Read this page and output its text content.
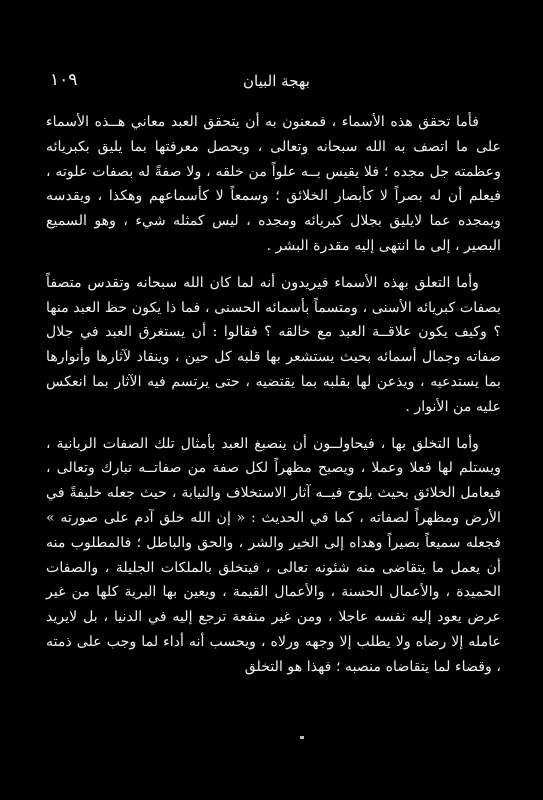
١٠٩	بهجة البيان

فأما تحقق هذه الأسماء ، فمعنون به أن يتحقق العبد معاني هــذه الأسماء على ما اتصف به الله سبحانه وتعالى ، ويحصل معرفتها بما يليق بكبريائه وعظمته جل مجده ؛ فلا يقيس بــه علواً من خلقه ، ولا صفةً له بصفات علوته ، فيعلم أن له بصراً لا كأبصار الخلائق ؛ وسمعاً لا كأسماعهم وهكذا ، ويقدسه ويمجده عما لايليق بجلال كبريائه ومجده ، ليس كمثله شيء ، وهو السميع البصير ، إلى ما انتهى إليه مقدرة البشر .

وأما التعلق بهذه الأسماء فيريدون أنه لما كان الله سبحانه وتقدس متصفاً بصفات كبريائه الأسنى ، ومتسماً بأسمائه الحسنى ، فما ذا يكون حظ العبد منها ؟ وكيف يكون علاقــة العبد مع خالقه ؟ فقالوا : أن يستغرق العبد في جلال صفاته وجمال أسمائه بحيث يستشعر بها قلبه كل حين ، وينقاد لآثارها وأنوارها بما يستدعيه ، ويذعن لها بقلبه بما يقتضيه ، حتى يرتسم فيه الآثار بما انعكس عليه من الأنوار .

وأما التخلق بها ، فيحاولــون أن ينصبغ العبد بأمثال تلك الصفات الربانية ، ويستلم لها فعلا وعملا ، ويصبح مظهراً لكل صفة من صفاتــه تبارك وتعالى ، فيعامل الخلائق بحيث يلوح فيــه آثار الاستخلاف والنيابة ، حيث جعله خليفةً في الأرض ومظهراً لصفاته ، كما في الحديث : « إن الله خلق آدم على صورته » فجعله سميعاً بصيراً وهداه إلى الخير والشر ، والحق والباطل ؛ فالمطلوب منه أن يعمل ما يتقاضى منه شئونه تعالى ، فيتخلق بالملكات الجليلة ، والصفات الحميدة ، والأعمال الحسنة ، والأعمال القيمة ، ويعين بها البرية كلها من غير عرض يعود إليه نفسه عاجلا ، ومن غير منفعة ترجع إليه في الدنيا ، بل لايريد عامله إلا رضاه ولا يطلب إلا وجهه ورلاه ، ويحسب أنه أداء لما وجب على ذمته ، وقضاء لما يتقاضاه منصبه ؛ فهذا هو التخلق
